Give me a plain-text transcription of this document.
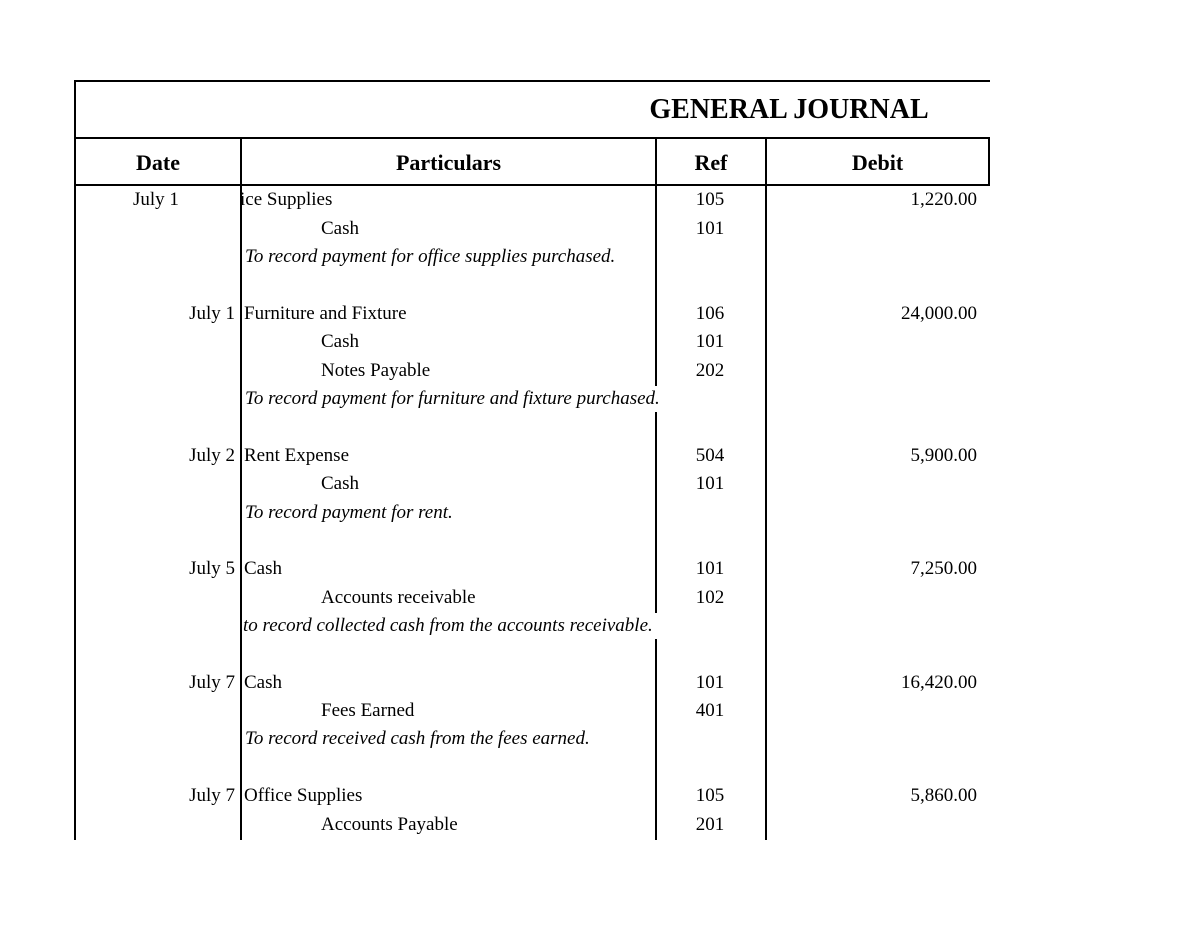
GENERAL JOURNAL
Date	Particulars	Ref	Debit
July 1	ice Supplies	105	1,220.00
Cash	101
To record payment for office supplies purchased.
July 1 Furniture and Fixture	106	24,000.00
Cash	101
Notes Payable	202
To record payment for furniture and fixture purchased.
July 2 Rent Expense	504	5,900.00
Cash	101
To record payment for rent.
July 5 Cash	101	7,250.00
Accounts receivable	102
to record collected cash from the accounts receivable.
July 7 Cash	101	16,420.00
Fees Earned	401
To record received cash from the fees earned.
July 7 Office Supplies	105	5,860.00
Accounts Payable	201
